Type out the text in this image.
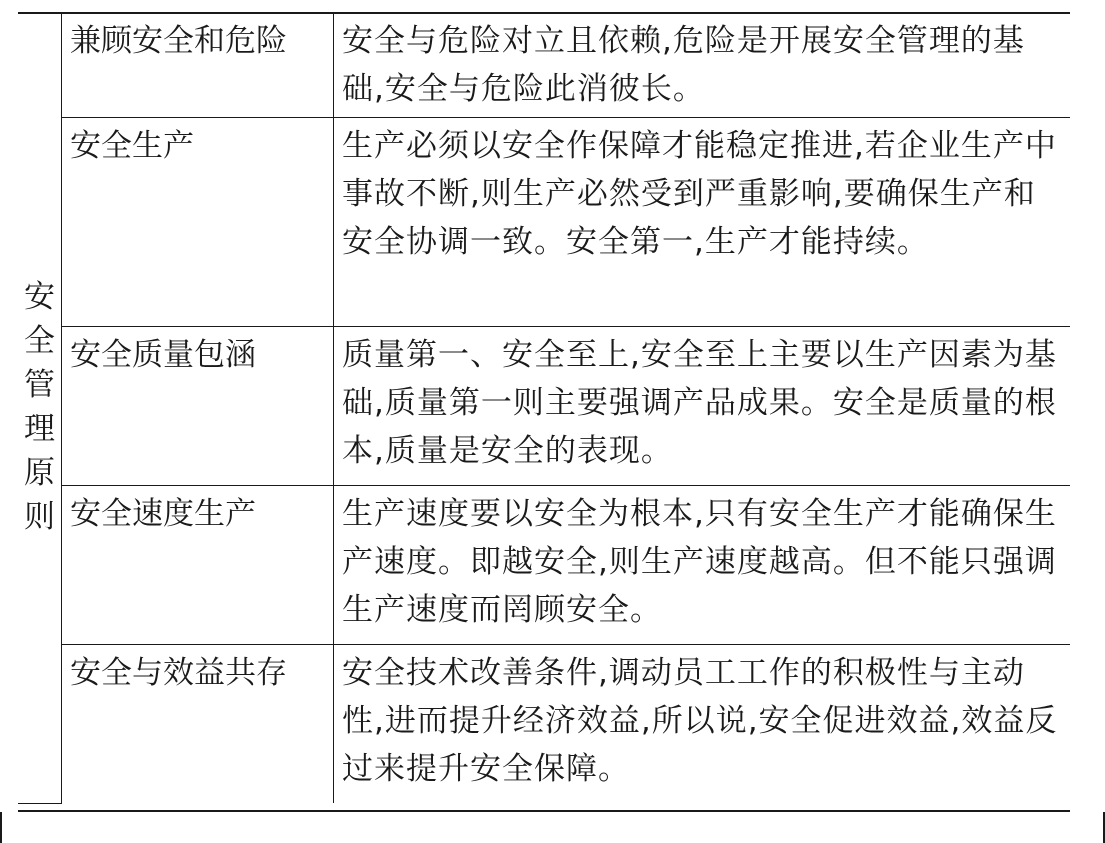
安全管理原则	兼顾安全和危险	安全与危险对立且依赖,危险是开展安全管理的基础,安全与危险此消彼长。
	安全生产	生产必须以安全作保障才能稳定推进,若企业生产中事故不断,则生产必然受到严重影响,要确保生产和安全协调一致。安全第一,生产才能持续。
	安全质量包涵	质量第一、安全至上,安全至上主要以生产因素为基础,质量第一则主要强调产品成果。安全是质量的根本,质量是安全的表现。
	安全速度生产	生产速度要以安全为根本,只有安全生产才能确保生产速度。即越安全,则生产速度越高。但不能只强调生产速度而罔顾安全。
	安全与效益共存	安全技术改善条件,调动员工工作的积极性与主动性,进而提升经济效益,所以说,安全促进效益,效益反过来提升安全保障。
